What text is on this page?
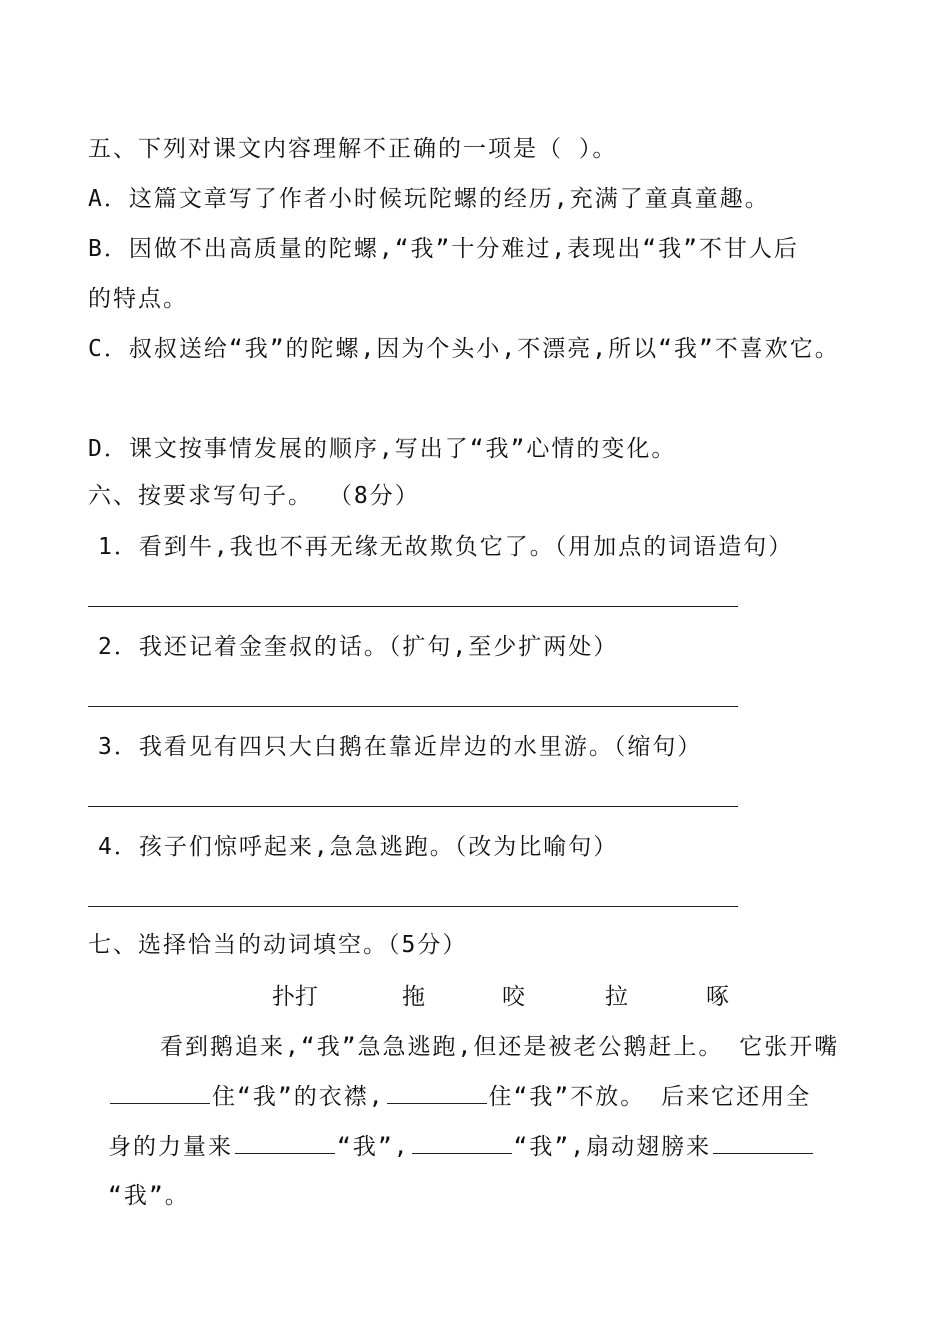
五、下列对课文内容理解不正确的一项是（ ）。
A．这篇文章写了作者小时候玩陀螺的经历,充满了童真童趣。
B．因做不出高质量的陀螺,“我”十分难过,表现出“我”不甘人后
的特点。
C．叔叔送给“我”的陀螺,因为个头小,不漂亮,所以“我”不喜欢它。
D．课文按事情发展的顺序,写出了“我”心情的变化。
六、按要求写句子。 （8分）
1．看到牛,我也不再无缘无故欺负它了。（用加点的词语造句）
2．我还记着金奎叔的话。（扩句,至少扩两处）
3．我看见有四只大白鹅在靠近岸边的水里游。（缩句）
4．孩子们惊呼起来,急急逃跑。（改为比喻句）
七、选择恰当的动词填空。（5分）
扑打	拖	咬	拉	啄
看到鹅追来,“我”急急逃跑,但还是被老公鹅赶上。 它张开嘴
住“我”的衣襟,	住“我”不放。 后来它还用全
身的力量来	“我”,	“我”,扇动翅膀来
“我”。
